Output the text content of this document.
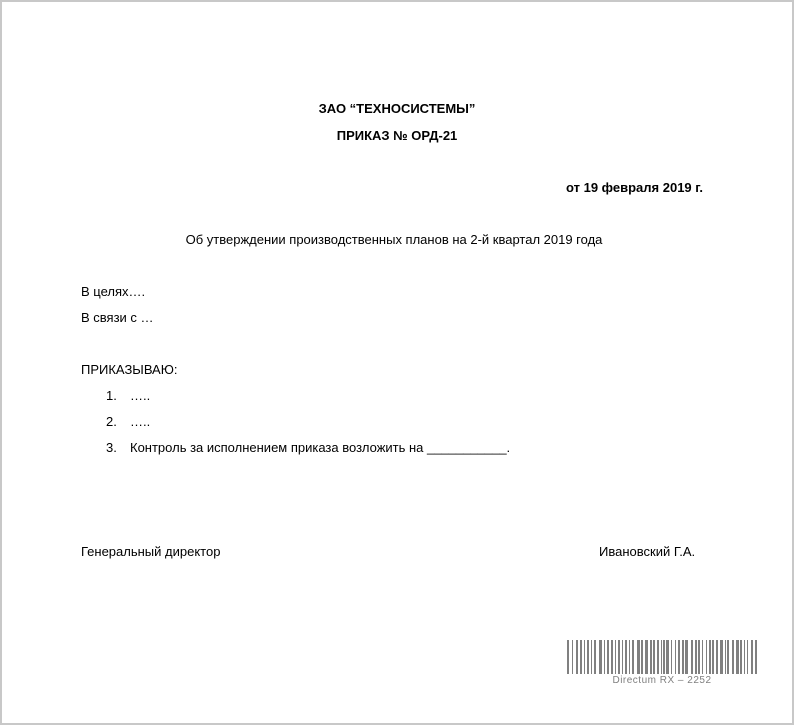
ЗАО “ТЕХНОСИСТЕМЫ”
ПРИКАЗ № ОРД-21
от 19 февраля 2019 г.
Об утверждении производственных планов на 2-й квартал 2019 года
В целях….
В связи с …
ПРИКАЗЫВАЮ:
1. …..
2. …..
3. Контроль за исполнением приказа возложить на ___________.
Генеральный директор	Ивановский Г.А.
Directum RX – 2252
